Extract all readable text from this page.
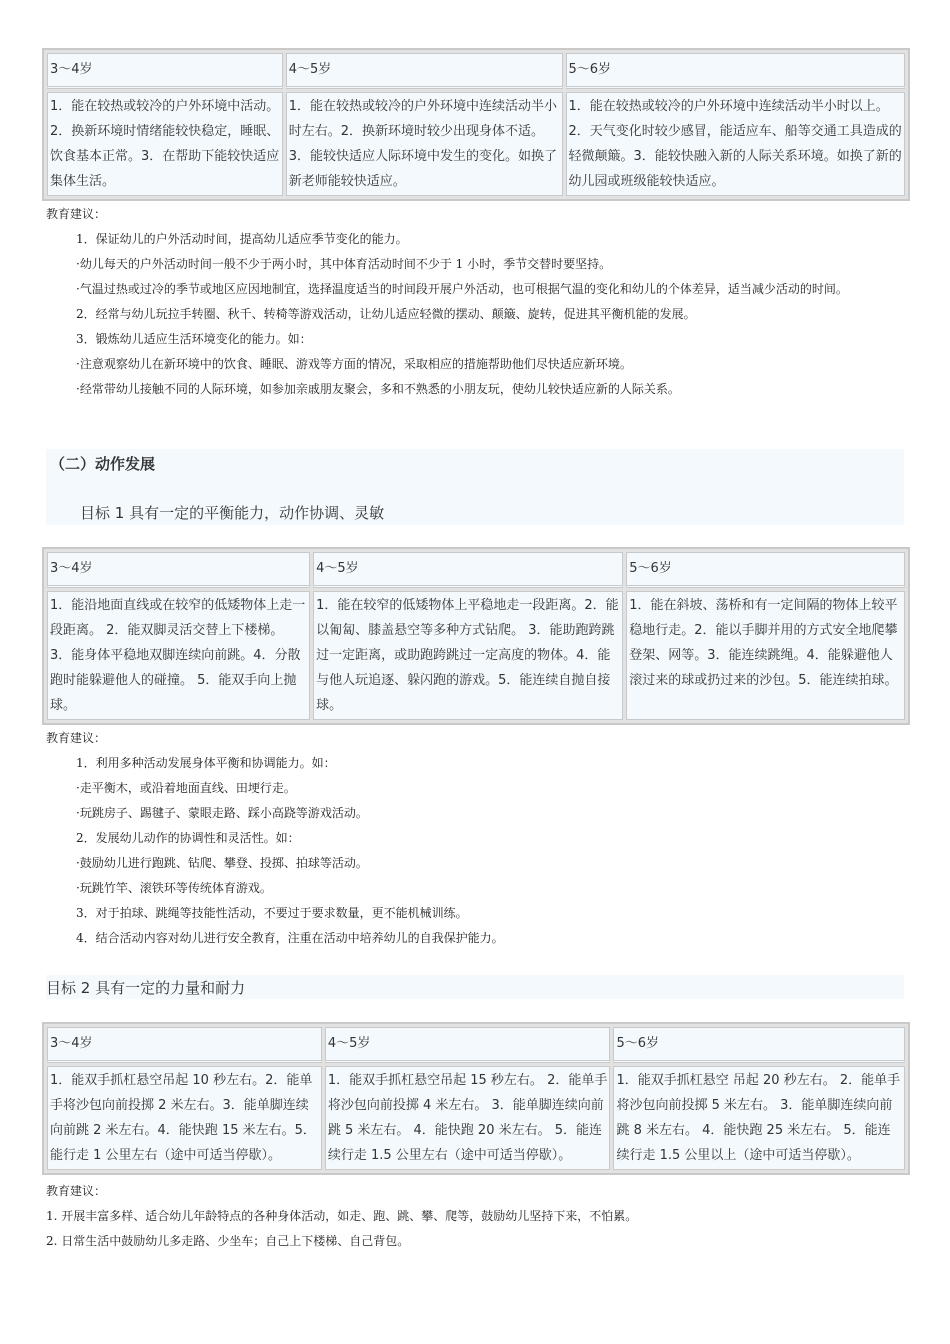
3～4岁	4～5岁	5～6岁
1．能在较热或较冷的户外环境中活动。2．换新环境时情绪能较快稳定，睡眠、饮食基本正常。3．在帮助下能较快适应集体生活。	1．能在较热或较冷的户外环境中连续活动半小时左右。2．换新环境时较少出现身体不适。3．能较快适应人际环境中发生的变化。如换了新老师能较快适应。	1．能在较热或较冷的户外环境中连续活动半小时以上。2．天气变化时较少感冒，能适应车、船等交通工具造成的轻微颠簸。3．能较快融入新的人际关系环境。如换了新的幼儿园或班级能较快适应。

教育建议：

1．保证幼儿的户外活动时间，提高幼儿适应季节变化的能力。

·幼儿每天的户外活动时间一般不少于两小时，其中体育活动时间不少于 1 小时，季节交替时要坚持。

·气温过热或过冷的季节或地区应因地制宜，选择温度适当的时间段开展户外活动，也可根据气温的变化和幼儿的个体差异，适当减少活动的时间。

2．经常与幼儿玩拉手转圈、秋千、转椅等游戏活动，让幼儿适应轻微的摆动、颠簸、旋转，促进其平衡机能的发展。

3．锻炼幼儿适应生活环境变化的能力。如：

·注意观察幼儿在新环境中的饮食、睡眠、游戏等方面的情况，采取相应的措施帮助他们尽快适应新环境。

·经常带幼儿接触不同的人际环境，如参加亲戚朋友聚会，多和不熟悉的小朋友玩，使幼儿较快适应新的人际关系。

（二）动作发展
目标 1 具有一定的平衡能力，动作协调、灵敏
3～4岁	4～5岁	5～6岁
1．能沿地面直线或在较窄的低矮物体上走一段距离。 2．能双脚灵活交替上下楼梯。 3．能身体平稳地双脚连续向前跳。4．分散跑时能躲避他人的碰撞。 5．能双手向上抛球。	1．能在较窄的低矮物体上平稳地走一段距离。2．能以匍匐、膝盖悬空等多种方式钻爬。 3．能助跑跨跳过一定距离，或助跑跨跳过一定高度的物体。4．能与他人玩追逐、躲闪跑的游戏。5．能连续自抛自接球。	1．能在斜坡、荡桥和有一定间隔的物体上较平稳地行走。2．能以手脚并用的方式安全地爬攀登架、网等。3．能连续跳绳。4．能躲避他人滚过来的球或扔过来的沙包。5．能连续拍球。

教育建议：

1．利用多种活动发展身体平衡和协调能力。如：

·走平衡木，或沿着地面直线、田埂行走。

·玩跳房子、踢毽子、蒙眼走路、踩小高跷等游戏活动。

2．发展幼儿动作的协调性和灵活性。如：

·鼓励幼儿进行跑跳、钻爬、攀登、投掷、拍球等活动。

·玩跳竹竿、滚铁环等传统体育游戏。

3．对于拍球、跳绳等技能性活动，不要过于要求数量，更不能机械训练。

4．结合活动内容对幼儿进行安全教育，注重在活动中培养幼儿的自我保护能力。

目标 2 具有一定的力量和耐力
3～4岁	4～5岁	5～6岁
1．能双手抓杠悬空吊起 10 秒左右。2．能单手将沙包向前投掷 2 米左右。3．能单脚连续向前跳 2 米左右。4．能快跑 15 米左右。5．能行走 1 公里左右（途中可适当停歇）。	1．能双手抓杠悬空吊起 15 秒左右。 2．能单手将沙包向前投掷 4 米左右。 3．能单脚连续向前跳 5 米左右。 4．能快跑 20 米左右。 5．能连续行走 1.5 公里左右（途中可适当停歇）。	1．能双手抓杠悬空 吊起 20 秒左右。 2．能单手将沙包向前投掷 5 米左右。 3．能单脚连续向前跳 8 米左右。 4．能快跑 25 米左右。 5．能连续行走 1.5 公里以上（途中可适当停歇）。

教育建议：

1. 开展丰富多样、适合幼儿年龄特点的各种身体活动，如走、跑、跳、攀、爬等，鼓励幼儿坚持下来，不怕累。

2. 日常生活中鼓励幼儿多走路、少坐车；自己上下楼梯、自己背包。
